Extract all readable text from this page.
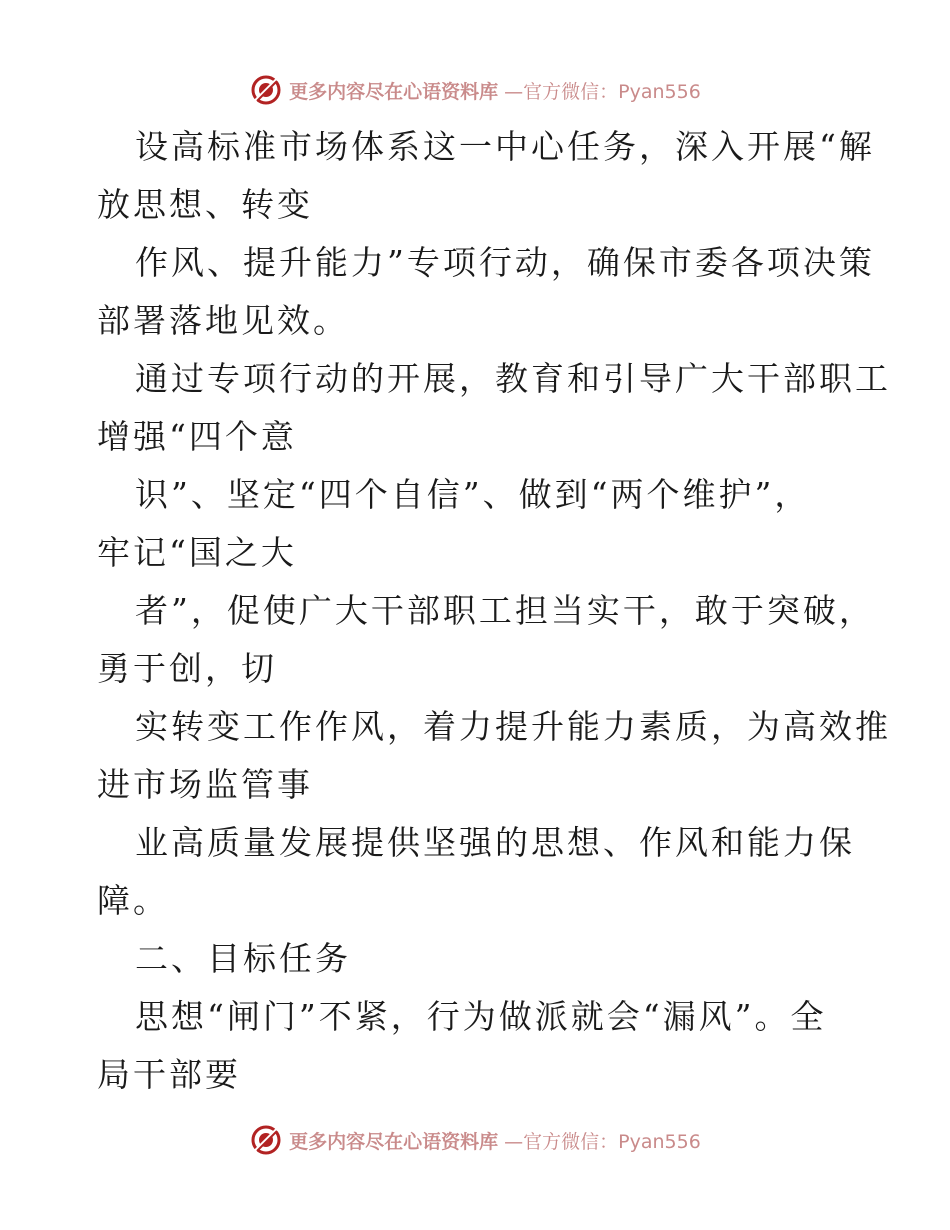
更多内容尽在心语资料库 —官方微信：Pyan556
设高标准市场体系这一中心任务，深入开展“解
放思想、转变
作风、提升能力”专项行动，确保市委各项决策
部署落地见效。
通过专项行动的开展，教育和引导广大干部职工
增强“四个意
识”、坚定“四个自信”、做到“两个维护”，
牢记“国之大
者”，促使广大干部职工担当实干，敢于突破，
勇于创，切
实转变工作作风，着力提升能力素质，为高效推
进市场监管事
业高质量发展提供坚强的思想、作风和能力保
障。
二、目标任务
思想“闸门”不紧，行为做派就会“漏风”。全
局干部要
更多内容尽在心语资料库 —官方微信：Pyan556
